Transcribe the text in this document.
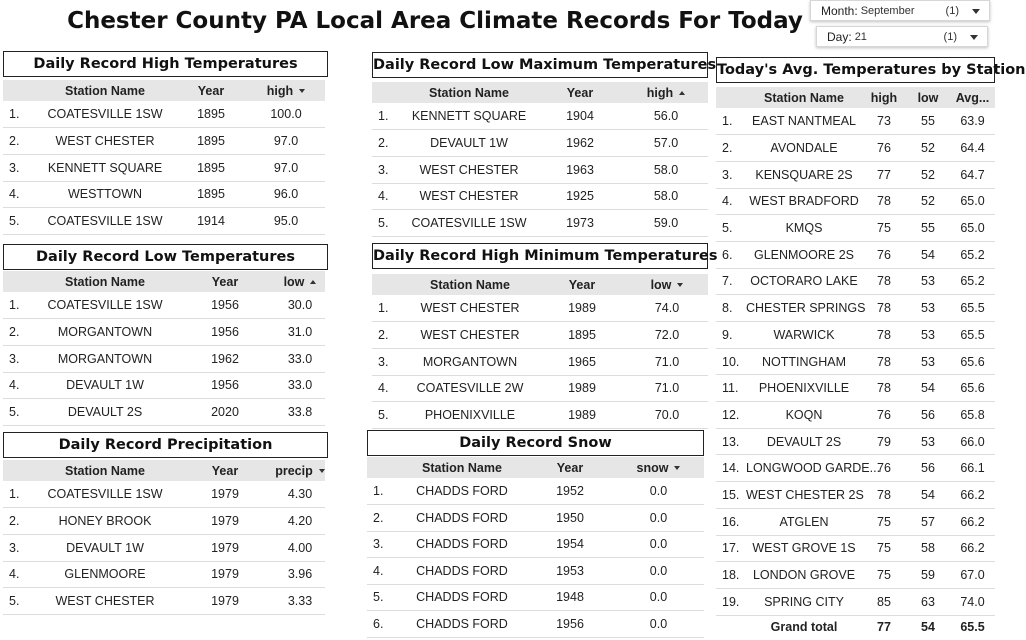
Chester County PA Local Area Climate Records For Today	Month: September	(1)
Day: 21	(1)
Daily Record High Temperatures
Daily Record Low Temperatures
Daily Record Precipitation
Daily Record Low Maximum Temperatures
Daily Record High Minimum Temperatures
Daily Record Snow
Today's Avg. Temperatures by Station
	Station Name	Year	high
1.	COATESVILLE 1SW	1895	100.0
2.	WEST CHESTER	1895	97.0
3.	KENNETT SQUARE	1895	97.0
4.	WESTTOWN	1895	96.0
5.	COATESVILLE 1SW	1914	95.0
	Station Name	Year	low
1.	COATESVILLE 1SW	1956	30.0
2.	MORGANTOWN	1956	31.0
3.	MORGANTOWN	1962	33.0
4.	DEVAULT 1W	1956	33.0
5.	DEVAULT 2S	2020	33.8
	Station Name	Year	precip
1.	COATESVILLE 1SW	1979	4.30
2.	HONEY BROOK	1979	4.20
3.	DEVAULT 1W	1979	4.00
4.	GLENMOORE	1979	3.96
5.	WEST CHESTER	1979	3.33
	Station Name	Year	high
1.	KENNETT SQUARE	1904	56.0
2.	DEVAULT 1W	1962	57.0
3.	WEST CHESTER	1963	58.0
4.	WEST CHESTER	1925	58.0
5.	COATESVILLE 1SW	1973	59.0
	Station Name	Year	low
1.	WEST CHESTER	1989	74.0
2.	WEST CHESTER	1895	72.0
3.	MORGANTOWN	1965	71.0
4.	COATESVILLE 2W	1989	71.0
5.	PHOENIXVILLE	1989	70.0
	Station Name	Year	snow
1.	CHADDS FORD	1952	0.0
2.	CHADDS FORD	1950	0.0
3.	CHADDS FORD	1954	0.0
4.	CHADDS FORD	1953	0.0
5.	CHADDS FORD	1948	0.0
6.	CHADDS FORD	1956	0.0
	Station Name	high	low	Avg...
1.	EAST NANTMEAL	73	55	63.9
2.	AVONDALE	76	52	64.4
3.	KENSQUARE 2S	77	52	64.7
4.	WEST BRADFORD	78	52	65.0
5.	KMQS	75	55	65.0
6.	GLENMOORE 2S	76	54	65.2
7.	OCTORARO LAKE	78	53	65.2
8.	CHESTER SPRINGS	78	53	65.5
9.	WARWICK	78	53	65.5
10.	NOTTINGHAM	78	53	65.6
11.	PHOENIXVILLE	78	54	65.6
12.	KOQN	76	56	65.8
13.	DEVAULT 2S	79	53	66.0
14.	LONGWOOD GARDE...	76	56	66.1
15.	WEST CHESTER 2S	78	54	66.2
16.	ATGLEN	75	57	66.2
17.	WEST GROVE 1S	75	58	66.2
18.	LONDON GROVE	75	59	67.0
19.	SPRING CITY	85	63	74.0
	Grand total	77	54	65.5
